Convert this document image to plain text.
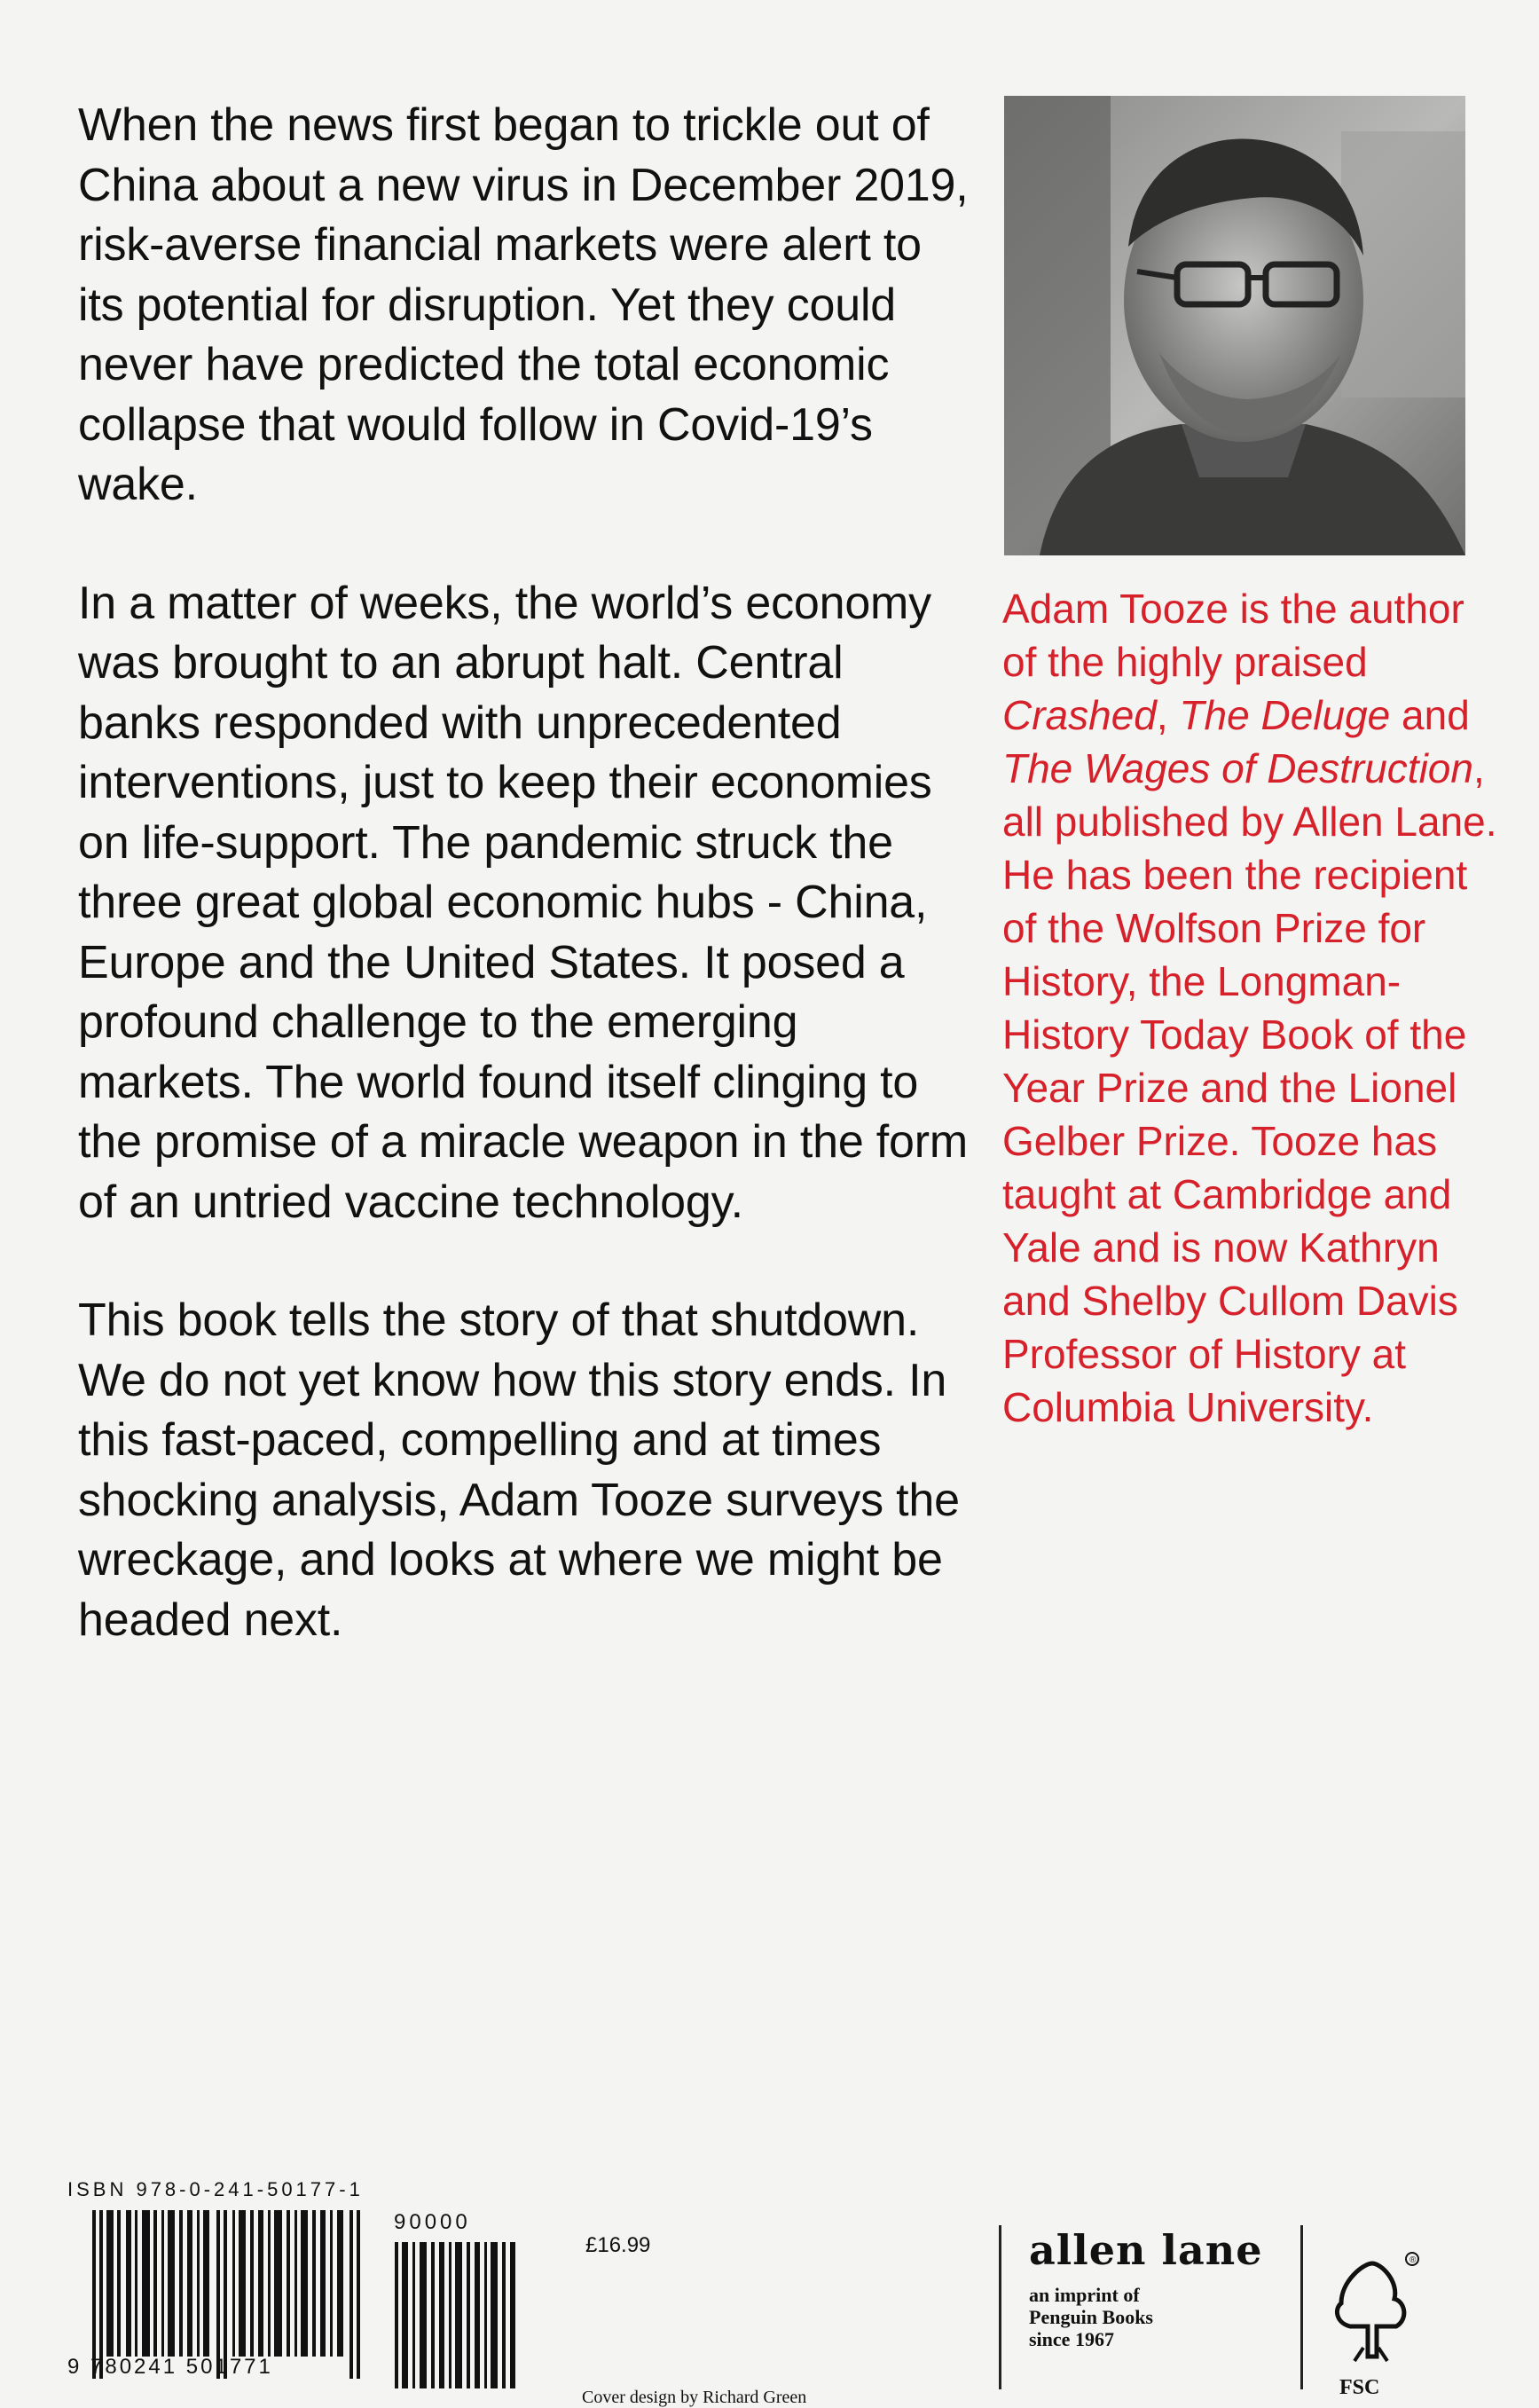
When the news first began to trickle out of China about a new virus in December 2019, risk-averse financial markets were alert to its potential for disruption. Yet they could never have predicted the total economic collapse that would follow in Covid-19’s wake.

In a matter of weeks, the world’s economy was brought to an abrupt halt. Central banks responded with unprecedented interventions, just to keep their economies on life-support. The pandemic struck the three great global economic hubs - China, Europe and the United States. It posed a profound challenge to the emerging markets. The world found itself clinging to the promise of a miracle weapon in the form of an untried vaccine technology.

This book tells the story of that shutdown. We do not yet know how this story ends. In this fast-paced, compelling and at times shocking analysis, Adam Tooze surveys the wreckage, and looks at where we might be headed next.

Adam Tooze is the author of the highly praised Crashed, The Deluge and The Wages of Destruction, all published by Allen Lane. He has been the recipient of the Wolfson Prize for History, the Longman-History Today Book of the Year Prize and the Lionel Gelber Prize. Tooze has taught at Cambridge and Yale and is now Kathryn and Shelby Cullom Davis Professor of History at Columbia University.
ISBN 978-0-241-50177-1
9 780241 501771
90000
£16.99
Cover design by Richard Green
allen lane
an imprint of
Penguin Books
since 1967
®
FSC
